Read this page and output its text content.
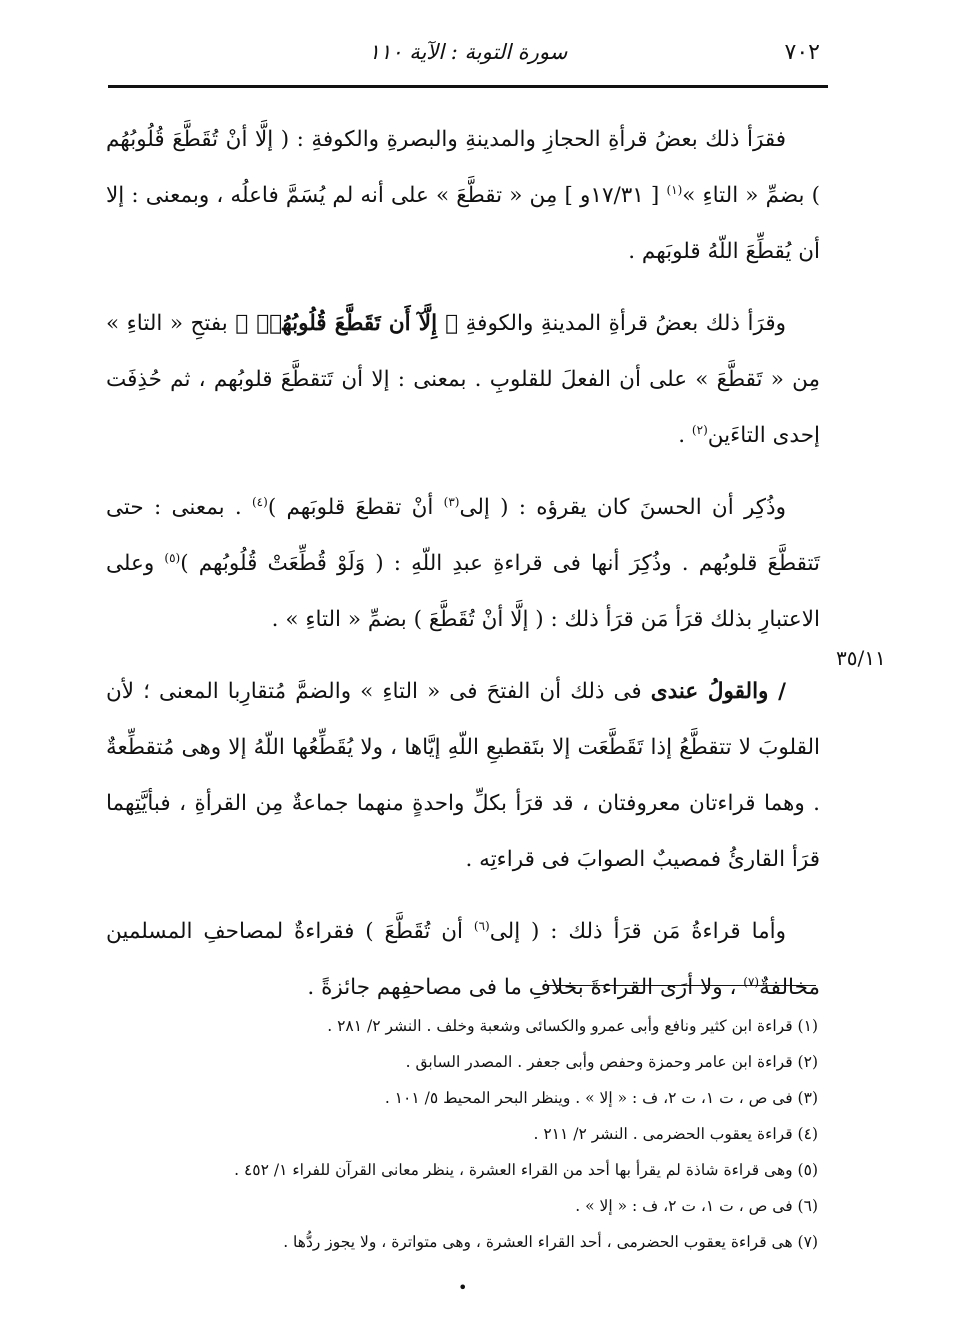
٧٠٢
سورة التوبة : الآية ١١٠
٣٥/١١

فقرَأ ذلك بعضُ قرأةِ الحجازِ والمدينةِ والبصرةِ والكوفةِ : ( إلَّا أنْ تُقَطَّعَ قُلُوبُهُم ) بضمِّ « التاءِ »$^{(١)}$ [ ١٧/٣١و ] مِن « تقطَّعَ » على أنه لم يُسَمَّ فاعلُه ، وبمعنى : إلا أن يُقطِّعَ اللّهُ قلوبَهم .

وقرَأ ذلك بعضُ قرأةِ المدينةِ والكوفةِ ﴿ إِلَّآ أَن تَقَطَّعَ قُلُوبُهُمۡ ﴾ بفتحِ « التاءِ » مِن « تَقطَّعَ » على أن الفعلَ للقلوبِ . بمعنى : إلا أن تَتقطَّعَ قلوبُهم ، ثم حُذِفَت إحدى التاءَين$^{(٢)}$ .

وذُكِر أن الحسنَ كان يقرؤه : ( إلى$^{(٣)}$ أنْ تقطعَ قلوبَهم )$^{(٤)}$ . بمعنى : حتى تَتقطَّعَ قلوبُهم . وذُكِرَ أنها فى قراءةِ عبدِ اللّهِ : ( وَلَوْ قُطِّعَتْ قُلُوبُهم )$^{(٥)}$ وعلى الاعتبارِ بذلك قرَأ مَن قرَأ ذلك : ( إلَّا أنْ تُقَطَّعَ ) بضمِّ « التاءِ » .

/ والقولُ عندى فى ذلك أن الفتحَ فى « التاءِ » والضمَّ مُتقارِبا المعنى ؛ لأن القلوبَ لا تتقطَّعُ إذا تَقَطَّعَت إلا بتَقطيعِ اللّهِ إيَّاها ، ولا يُقَطِّعُها اللّهُ إلا وهى مُتقطِّعةٌ . وهما قراءتان معروفتان ، قد قرَأ بكلِّ واحدةٍ منهما جماعةٌ مِن القرأةِ ، فبأيَّتِهما قرَأ القارئُ فمصيبٌ الصوابَ فى قراءتِه .

وأما قراءةُ مَن قرَأ ذلك : ( إلى$^{(٦)}$ أن تُقَطَّعَ ) فقراءةٌ لمصاحفِ المسلمين مخالفةٌ$^{(٧)}$ ، ولا أرَى القراءةَ بخلافِ ما فى مصاحفِهم جائزةً .

(١) قراءة ابن كثير ونافع وأبى عمرو والكسائى وشعبة وخلف . النشر ٢/ ٢٨١ .

(٢) قراءة ابن عامر وحمزة وحفص وأبى جعفر . المصدر السابق .

(٣) فى ص ، ت ١، ت ٢، ف : « إلا » . وينظر البحر المحيط ٥/ ١٠١ .

(٤) قراءة يعقوب الحضرمى . النشر ٢/ ٢١١ .

(٥) وهى قراءة شاذة لم يقرأ بها أحد من القراء العشرة ، ينظر معانى القرآن للفراء ١/ ٤٥٢ .

(٦) فى ص ، ت ١، ت ٢، ف : « إلا » .

(٧) هى قراءة يعقوب الحضرمى ، أحد القراء العشرة ، وهى متواترة ، ولا يجوز ردُّها .

•
